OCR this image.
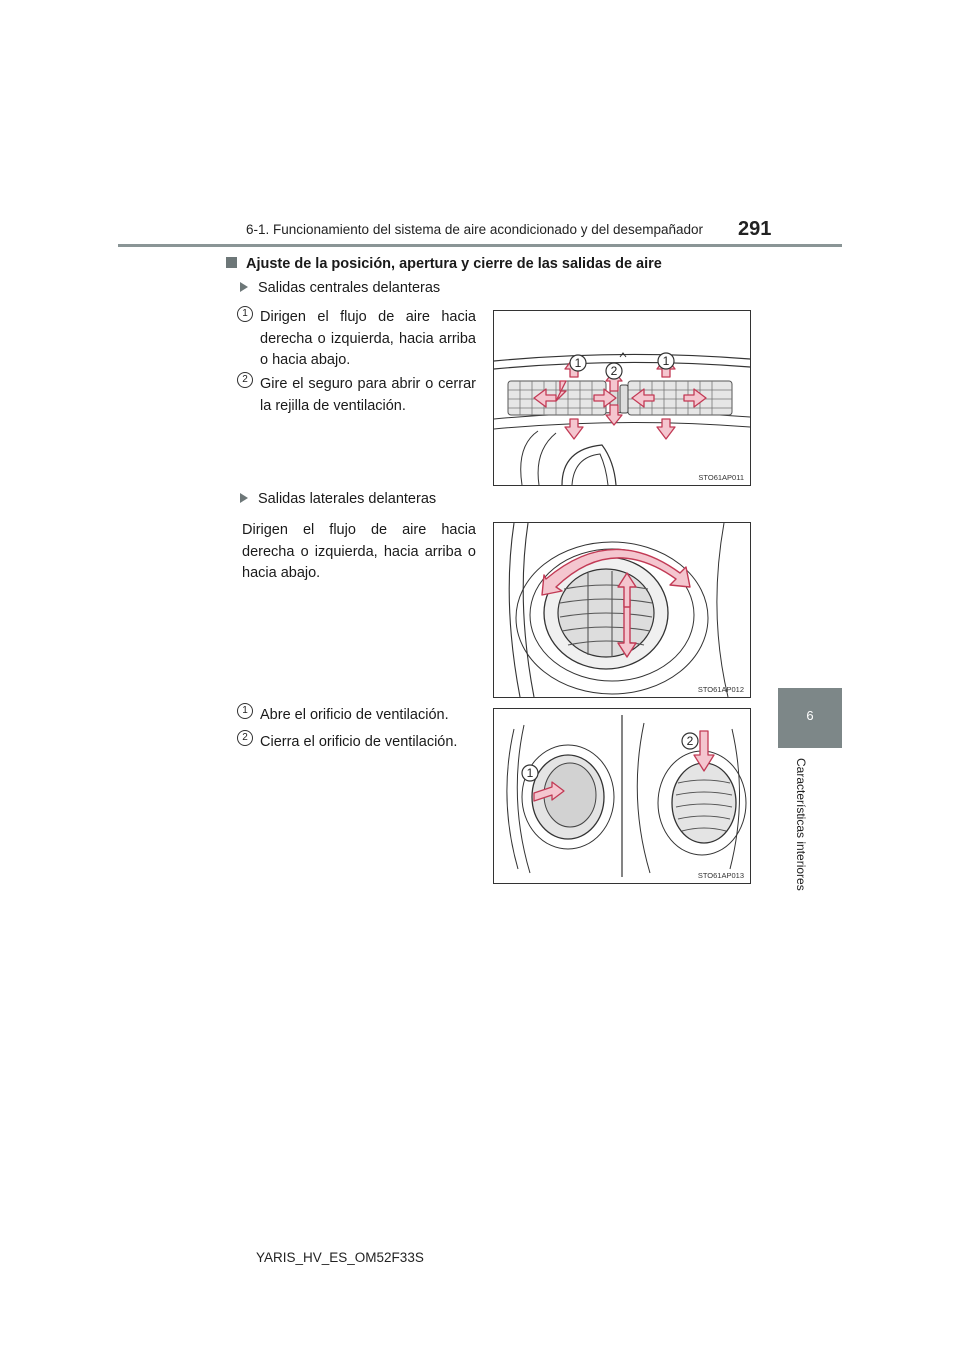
6-1. Funcionamiento del sistema de aire acondicionado y del desempañador 291
6
Características interiores
Ajuste de la posición, apertura y cierre de las salidas de aire
Salidas centrales delanteras
1 Dirigen el flujo de aire hacia derecha o izquierda, hacia arriba o hacia abajo.
2 Gire el seguro para abrir o cerrar la rejilla de ventilación.
1
2
1
STO61AP011
Salidas laterales delanteras
Dirigen el flujo de aire hacia derecha o izquierda, hacia arriba o hacia abajo.
STO61AP012
1 Abre el orificio de ventilación.
2 Cierra el orificio de ventilación.
1
2
STO61AP013
YARIS_HV_ES_OM52F33S
